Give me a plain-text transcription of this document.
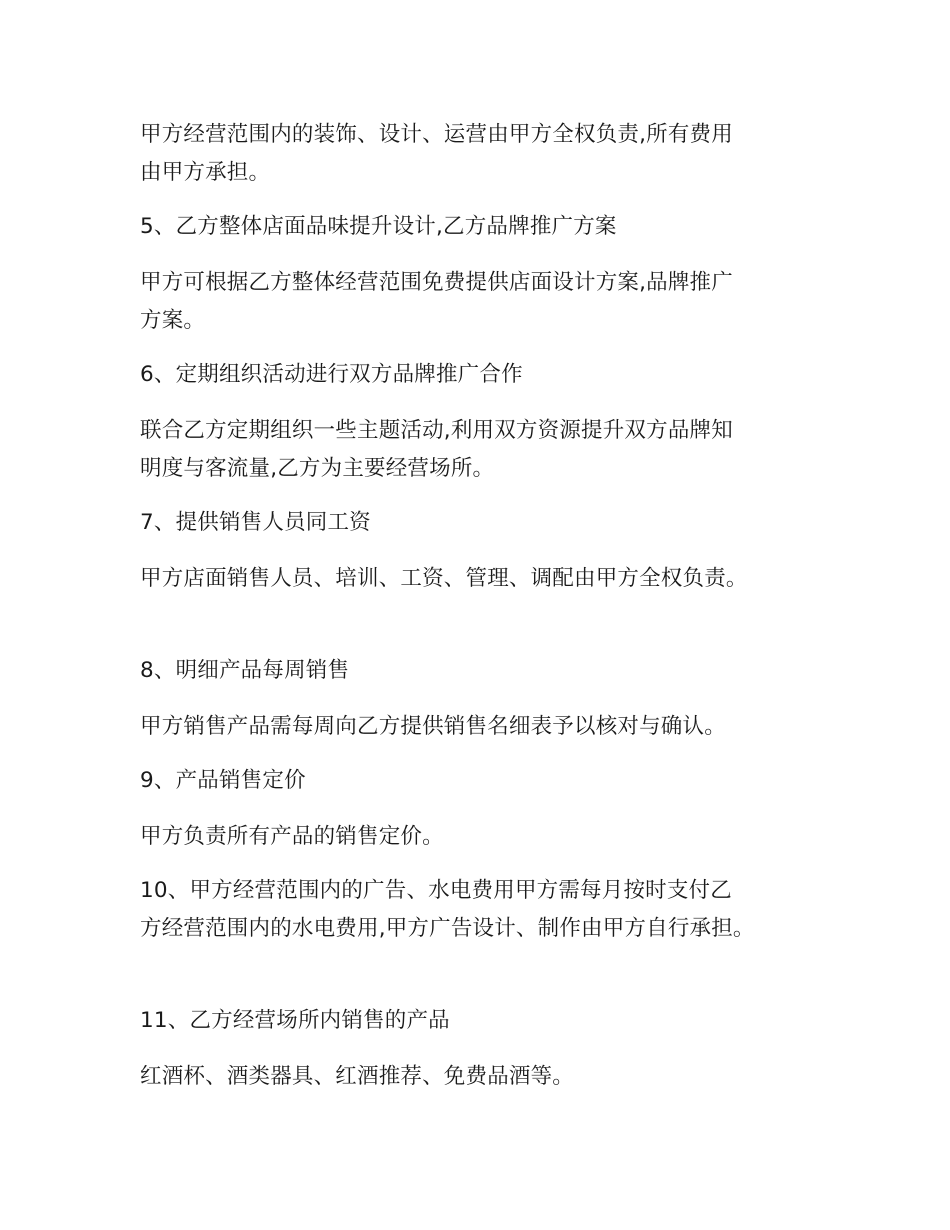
甲方经营范围内的装饰、设计、运营由甲方全权负责,所有费用
由甲方承担。
5、乙方整体店面品味提升设计,乙方品牌推广方案
甲方可根据乙方整体经营范围免费提供店面设计方案,品牌推广
方案。
6、定期组织活动进行双方品牌推广合作
联合乙方定期组织一些主题活动,利用双方资源提升双方品牌知
明度与客流量,乙方为主要经营场所。
7、提供销售人员同工资
甲方店面销售人员、培训、工资、管理、调配由甲方全权负责。
8、明细产品每周销售
甲方销售产品需每周向乙方提供销售名细表予以核对与确认。
9、产品销售定价
甲方负责所有产品的销售定价。
10、甲方经营范围内的广告、水电费用甲方需每月按时支付乙
方经营范围内的水电费用,甲方广告设计、制作由甲方自行承担。
11、乙方经营场所内销售的产品
红酒杯、酒类器具、红酒推荐、免费品酒等。
